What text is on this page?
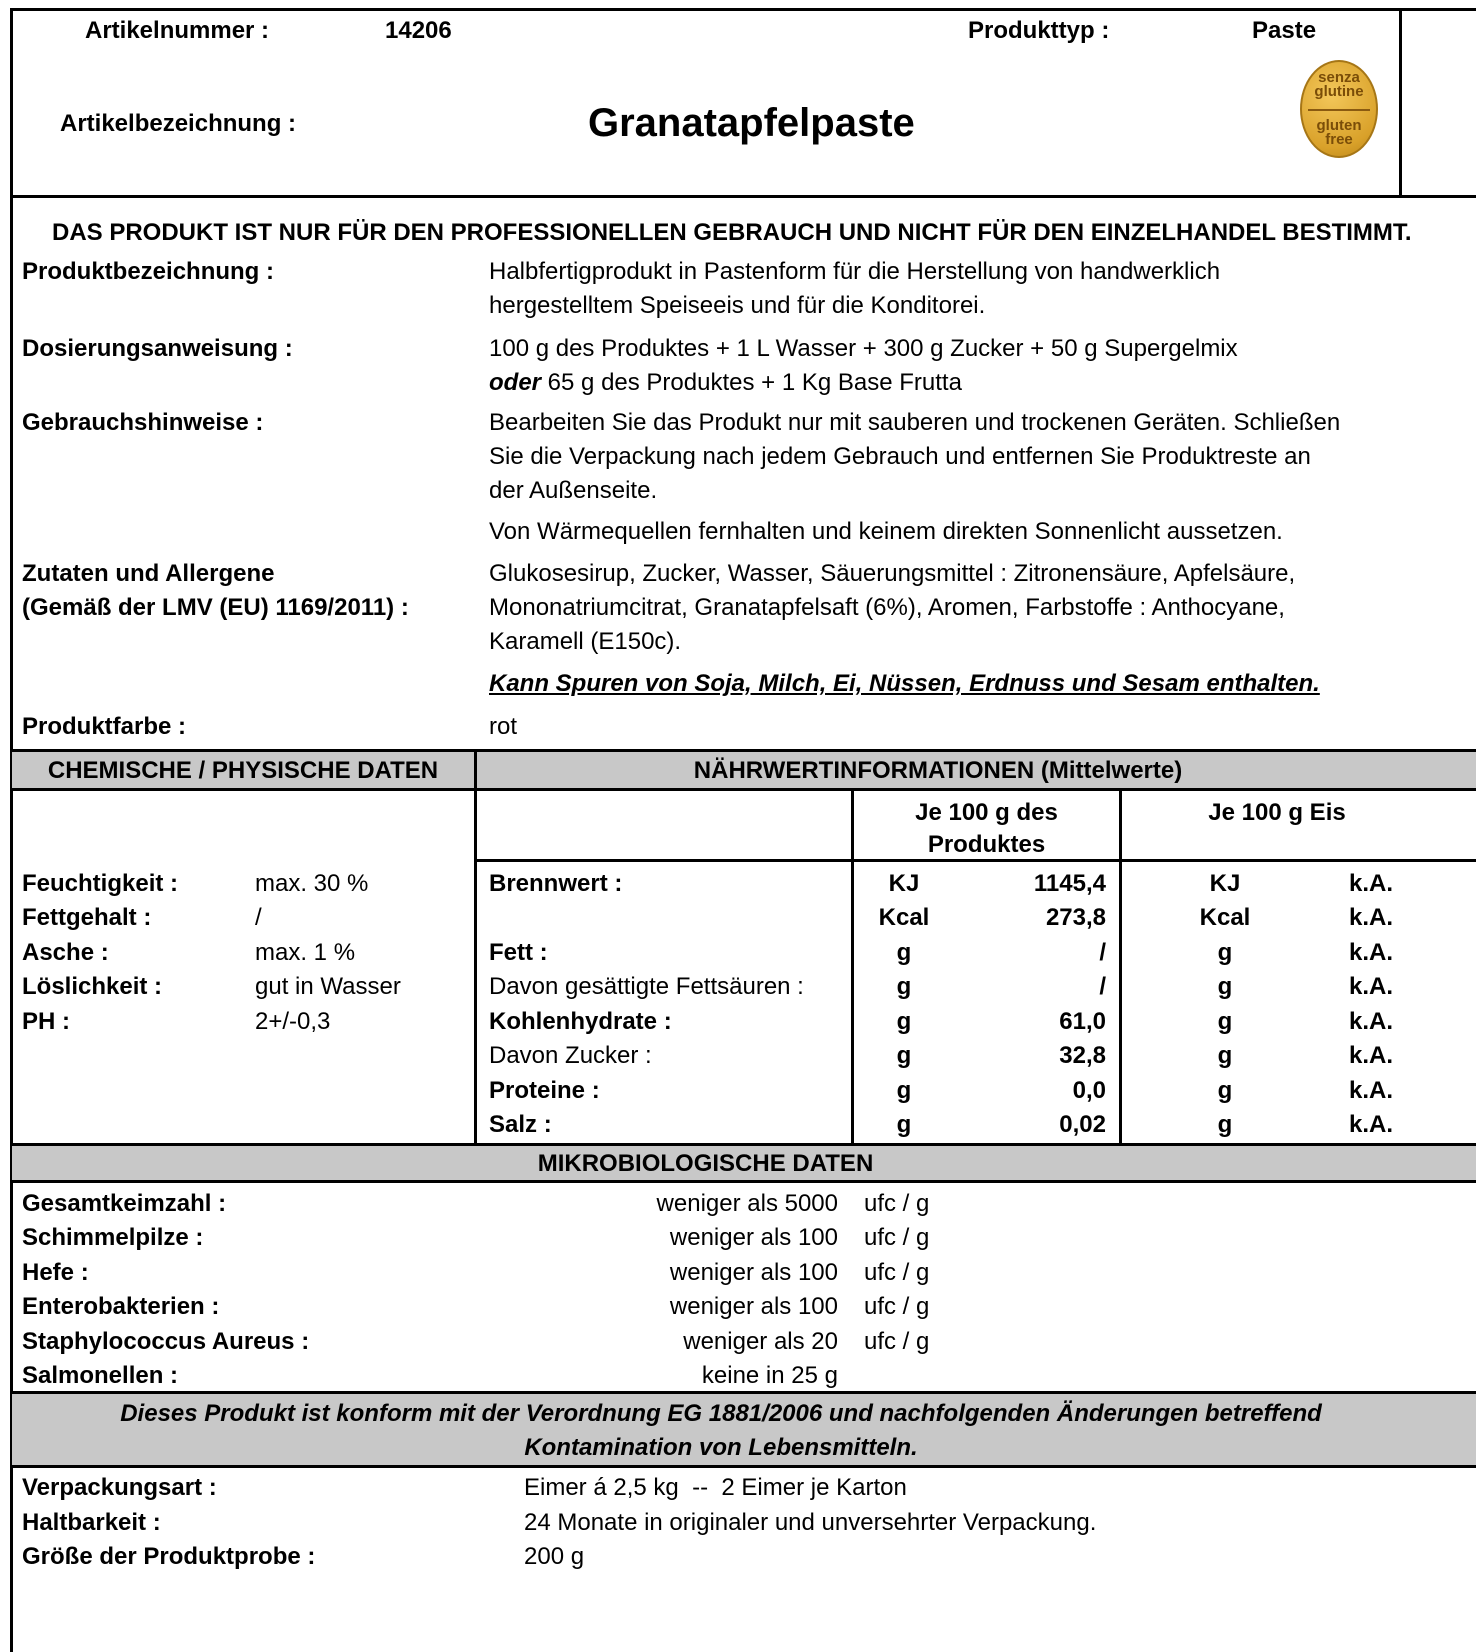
Artikelnummer :	14206	Produkttyp :	Paste
Artikelbezeichnung :	Granatapfelpaste
senza
glutine
gluten
free
DAS PRODUKT IST NUR FÜR DEN PROFESSIONELLEN GEBRAUCH UND NICHT FÜR DEN EINZELHANDEL BESTIMMT.
Produktbezeichnung :	Halbfertigprodukt in Pastenform für die Herstellung von handwerklich
hergestelltem Speiseeis und für die Konditorei.
Dosierungsanweisung :	100 g des Produktes + 1 L Wasser + 300 g Zucker + 50 g Supergelmix
oder 65 g des Produktes + 1 Kg Base Frutta
Gebrauchshinweise :	Bearbeiten Sie das Produkt nur mit sauberen und trockenen Geräten. Schließen
Sie die Verpackung nach jedem Gebrauch und entfernen Sie Produktreste an
der Außenseite.
Von Wärmequellen fernhalten und keinem direkten Sonnenlicht aussetzen.
Zutaten und Allergene
(Gemäß der LMV (EU) 1169/2011) :
Glukosesirup, Zucker, Wasser, Säuerungsmittel : Zitronensäure, Apfelsäure,
Mononatriumcitrat, Granatapfelsaft (6%), Aromen, Farbstoffe : Anthocyane,
Karamell (E150c).
Kann Spuren von Soja, Milch, Ei, Nüssen, Erdnuss und Sesam enthalten.
Produktfarbe :	rot
CHEMISCHE / PHYSISCHE DATEN	NÄHRWERTINFORMATIONEN (Mittelwerte)
Je 100 g des
Produktes
Je 100 g Eis
Feuchtigkeit :	max. 30 %
Fettgehalt :	/
Asche :	max. 1 %
Löslichkeit :	gut in Wasser
PH :	2+/-0,3
Brennwert :	KJ	1145,4	KJ	k.A.
Kcal	273,8	Kcal	k.A.
Fett :	g	/	g	k.A.
Davon gesättigte Fettsäuren :	g	/	g	k.A.
Kohlenhydrate :	g	61,0	g	k.A.
Davon Zucker :	g	32,8	g	k.A.
Proteine :	g	0,0	g	k.A.
Salz :	g	0,02	g	k.A.
MIKROBIOLOGISCHE DATEN
Gesamtkeimzahl :	weniger als 5000 ufc / g
Schimmelpilze :	weniger als 100 ufc / g
Hefe :	weniger als 100 ufc / g
Enterobakterien :	weniger als 100 ufc / g
Staphylococcus Aureus :	weniger als 20 ufc / g
Salmonellen :	keine in 25 g
Dieses Produkt ist konform mit der Verordnung EG 1881/2006 und nachfolgenden Änderungen betreffend
Kontamination von Lebensmitteln.
Verpackungsart :	Eimer á 2,5 kg  --  2 Eimer je Karton
Haltbarkeit :	24 Monate in originaler und unversehrter Verpackung.
Größe der Produktprobe :	200 g
